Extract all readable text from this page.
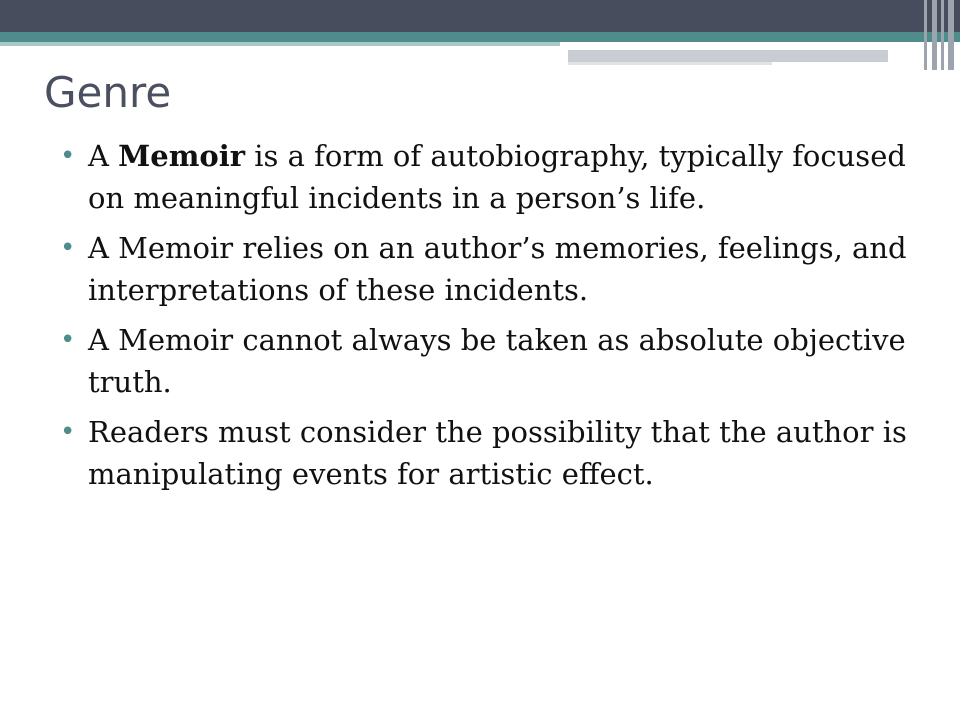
Genre
• A Memoir is a form of autobiography, typically focused on meaningful incidents in a person’s life.
• A Memoir relies on an author’s memories, feelings, and interpretations of these incidents.
• A Memoir cannot always be taken as absolute objective truth.
• Readers must consider the possibility that the author is manipulating events for artistic effect.
